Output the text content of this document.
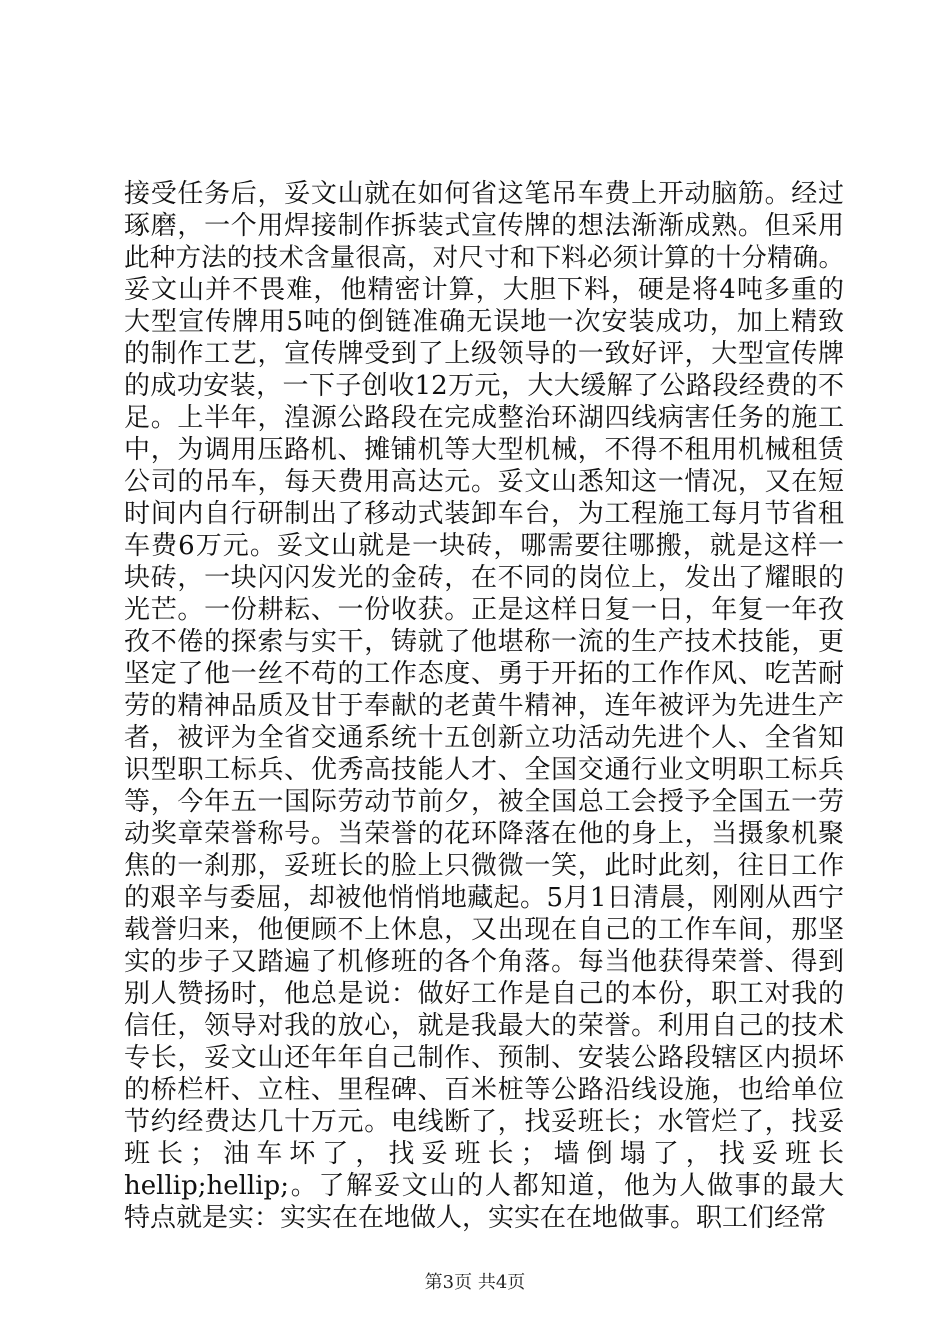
接受任务后，妥文山就在如何省这笔吊车费上开动脑筋。经过
琢磨，一个用焊接制作拆装式宣传牌的想法渐渐成熟。但采用
此种方法的技术含量很高，对尺寸和下料必须计算的十分精确。
妥文山并不畏难，他精密计算，大胆下料，硬是将4吨多重的
大型宣传牌用5吨的倒链准确无误地一次安装成功，加上精致
的制作工艺，宣传牌受到了上级领导的一致好评，大型宣传牌
的成功安装，一下子创收12万元，大大缓解了公路段经费的不
足。上半年，湟源公路段在完成整治环湖四线病害任务的施工
中，为调用压路机、摊铺机等大型机械，不得不租用机械租赁
公司的吊车，每天费用高达元。妥文山悉知这一情况，又在短
时间内自行研制出了移动式装卸车台，为工程施工每月节省租
车费6万元。妥文山就是一块砖，哪需要往哪搬，就是这样一
块砖，一块闪闪发光的金砖，在不同的岗位上，发出了耀眼的
光芒。一份耕耘、一份收获。正是这样日复一日，年复一年孜
孜不倦的探索与实干，铸就了他堪称一流的生产技术技能，更
坚定了他一丝不苟的工作态度、勇于开拓的工作作风、吃苦耐
劳的精神品质及甘于奉献的老黄牛精神，连年被评为先进生产
者，被评为全省交通系统十五创新立功活动先进个人、全省知
识型职工标兵、优秀高技能人才、全国交通行业文明职工标兵
等，今年五一国际劳动节前夕，被全国总工会授予全国五一劳
动奖章荣誉称号。当荣誉的花环降落在他的身上，当摄象机聚
焦的一刹那，妥班长的脸上只微微一笑，此时此刻，往日工作
的艰辛与委屈，却被他悄悄地藏起。5月1日清晨，刚刚从西宁
载誉归来，他便顾不上休息，又出现在自己的工作车间，那坚
实的步子又踏遍了机修班的各个角落。每当他获得荣誉、得到
别人赞扬时，他总是说：做好工作是自己的本份，职工对我的
信任，领导对我的放心，就是我最大的荣誉。利用自己的技术
专长，妥文山还年年自己制作、预制、安装公路段辖区内损坏
的桥栏杆、立柱、里程碑、百米桩等公路沿线设施，也给单位
节约经费达几十万元。电线断了，找妥班长；水管烂了，找妥
班长；油车坏了，找妥班长；墙倒塌了，找妥班长
hellip;hellip;。了解妥文山的人都知道，他为人做事的最大
特点就是实：实实在在地做人，实实在在地做事。职工们经常
第3页 共4页
